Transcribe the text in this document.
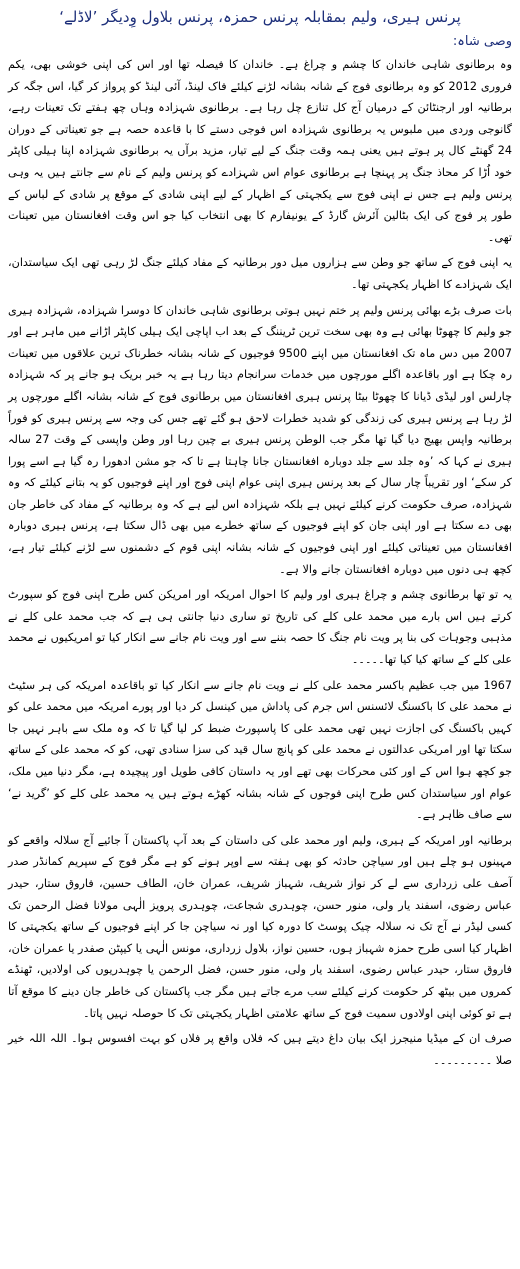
پرنس ہیری، ولیم بمقابلہ پرنس حمزہ، پرنس بلاول وِدیگر ’لاڈلے‘
وصی شاہ:

وہ برطانوی شاہی خاندان کا چشم و چراغ ہے۔ خاندان کا فیصلہ تھا اور اس کی اپنی خوشی بھی، یکم فروری 2012 کو وہ برطانوی فوج کے شانہ بشانہ لڑنے کیلئے فاک لینڈ، آئی لینڈ کو پرواز کر گیا، اس جگہ کر برطانیہ اور ارجنٹائن کے درمیان آج کل تنازع چل رہا ہے۔ برطانوی شہزادہ وہاں چھ ہفتے تک تعینات رہے، گانوجی وردی میں ملبوس یہ برطانوی شہزادہ اس فوجی دستے کا با قاعدہ حصہ ہے جو تعیناتی کے دوران 24 گھنٹے کال پر ہوتے ہیں یعنی ہمہ وقت جنگ کے لیے تیار، مزید برآں یہ برطانوی شہزادہ اپنا ہیلی کاپٹر خود اُڑا کر محاذ جنگ پر پہنچا ہے برطانوی عوام اس شہزادے کو پرنس ولیم کے نام سے جانتے ہیں یہ وہی پرنس ولیم ہے جس نے اپنی فوج سے یکجہتی کے اظہار کے لیے اپنی شادی کے موقع پر شادی کے لباس کے طور پر فوج کی ایک بٹالین آئرش گارڈ کے یونیفارم کا بھی انتخاب کیا جو اس وقت افغانستان میں تعینات تھی۔

یہ اپنی فوج کے ساتھ جو وطن سے ہزاروں میل دور برطانیہ کے مفاد کیلئے جنگ لڑ رہی تھی ایک سیاستدان، ایک شہزادے کا اظہار یکجہتی تھا۔

بات صرف بڑے بھائی پرنس ولیم پر ختم نہیں ہوتی برطانوی شاہی خاندان کا دوسرا شہزادہ، شہزادہ ہیری جو ولیم کا چھوٹا بھائی ہے وہ بھی سخت ترین ٹریننگ کے بعد اب اپاچی ایک ہیلی کاپٹر اڑانے میں ماہر ہے اور 2007 میں دس ماہ تک افغانستان میں اپنے 9500 فوجیوں کے شانہ بشانہ خطرناک ترین علاقوں میں تعینات رہ چکا ہے اور باقاعدہ اگلے مورچوں میں خدمات سرانجام دیتا رہا ہے یہ خبر بریک ہو جانے پر کہ شہزادہ چارلس اور لیڈی ڈیانا کا چھوٹا بیٹا پرنس ہیری افغانستان میں برطانوی فوج کے شانہ بشانہ اگلے مورچوں پر لڑ رہا ہے پرنس ہیری کی زندگی کو شدید خطرات لاحق ہو گئے تھے جس کی وجہ سے پرنس ہیری کو فوراً برطانیہ واپس بھیج دیا گیا تھا مگر جب الوطن پرنس ہیری بے چین رہا اور وطن واپسی کے وقت 27 سالہ ہیری نے کہا کہ ’وہ جلد سے جلد دوبارہ افغانستان جانا چاہتا ہے تا کہ جو مشن ادھورا رہ گیا ہے اسے پورا کر سکے‘ اور تقریباً چار سال کے بعد پرنس ہیری اپنی عوام اپنی فوج اور اپنے فوجیوں کو یہ بتانے کیلئے کہ وہ شہزادہ، صرف حکومت کرنے کیلئے نہیں ہے بلکہ شہزادہ اس لیے ہے کہ وہ برطانیہ کے مفاد کی خاطر جان بھی دے سکتا ہے اور اپنی جان کو اپنے فوجیوں کے ساتھ خطرے میں بھی ڈال سکتا ہے، پرنس ہیری دوبارہ افغانستان میں تعیناتی کیلئے اور اپنی فوجیوں کے شانہ بشانہ اپنی قوم کے دشمنوں سے لڑنے کیلئے تیار ہے، کچھ ہی دنوں میں دوبارہ افغانستان جانے والا ہے۔

یہ تو تھا برطانوی چشم و چراغ ہیری اور ولیم کا احوال امریکہ اور امریکن کس طرح اپنی فوج کو سپورٹ کرتے ہیں اس بارے میں محمد علی کلے کی تاریخ تو ساری دنیا جانتی ہی ہے کہ جب محمد علی کلے نے مذہبی وجوہات کی بنا پر ویت نام جنگ کا حصہ بننے سے اور ویت نام جانے سے انکار کیا تو امریکیوں نے محمد علی کلے کے ساتھ کیا کیا تھا۔۔۔۔۔

1967 میں جب عظیم باکسر محمد علی کلے نے ویت نام جانے سے انکار کیا تو باقاعدہ امریکہ کی ہر سٹیٹ نے محمد علی کا باکسنگ لائسنس اس جرم کی پاداش میں کینسل کر دیا اور پورے امریکہ میں محمد علی کو کہیں باکسنگ کی اجازت نہیں تھی محمد علی کا پاسپورٹ ضبط کر لیا گیا تا کہ وہ ملک سے باہر نہیں جا سکتا تھا اور امریکی عدالتوں نے محمد علی کو پانچ سال قید کی سزا سنادی تھی، کو کہ محمد علی کے ساتھ جو کچھ ہوا اس کے اور کئی محرکات بھی تھے اور یہ داستان کافی طویل اور پیچیدہ ہے، مگر دنیا میں ملک، عوام اور سیاستدان کس طرح اپنی فوجوں کے شانہ بشانہ کھڑے ہوتے ہیں یہ محمد علی کلے کو ’گرید نے‘ سے صاف ظاہر ہے۔

برطانیہ اور امریکہ کے ہیری، ولیم اور محمد علی کی داستان کے بعد آپ پاکستان آ جائیے آج سلالہ واقعے کو مہینوں ہو چلے ہیں اور سیاچن حادثہ کو بھی ہفتہ سے اوپر ہونے کو ہے مگر فوج کے سپریم کمانڈر صدر آصف علی زرداری سے لے کر نواز شریف، شہباز شریف، عمران خان، الطاف حسین، فاروق ستار، حیدر عباس رضوی، اسفند یار ولی، منور حسن، چوہدری شجاعت، چوہدری پرویز الٰہی مولانا فضل الرحمن تک کسی لیڈر نے آج تک نہ سلالہ چیک پوسٹ کا دورہ کیا اور نہ سیاچن جا کر اپنے فوجیوں کے ساتھ یکجہتی کا اظہار کیا اسی طرح حمزہ شہباز ہوں، حسین نواز، بلاول زرداری، مونس الٰہی یا کیپٹن صفدر یا عمران خان، فاروق ستار، حیدر عباس رضوی، اسفند یار ولی، منور حسن، فضل الرحمن یا چوہدریوں کی اولادیں، ٹھنڈے کمروں میں بیٹھ کر حکومت کرنے کیلئے سب مرے جاتے ہیں مگر جب پاکستان کی خاطر جان دینے کا موقع آتا ہے تو کوئی اپنی اولادوں سمیت فوج کے ساتھ علامتی اظہار یکجہتی تک کا حوصلہ نہیں پاتا۔

صرف ان کے میڈیا منیجرز ایک بیان داغ دیتے ہیں کہ فلاں واقع پر فلاں کو بہت افسوس ہوا۔ اللہ اللہ خیر صلا ۔۔۔۔۔۔۔۔۔
